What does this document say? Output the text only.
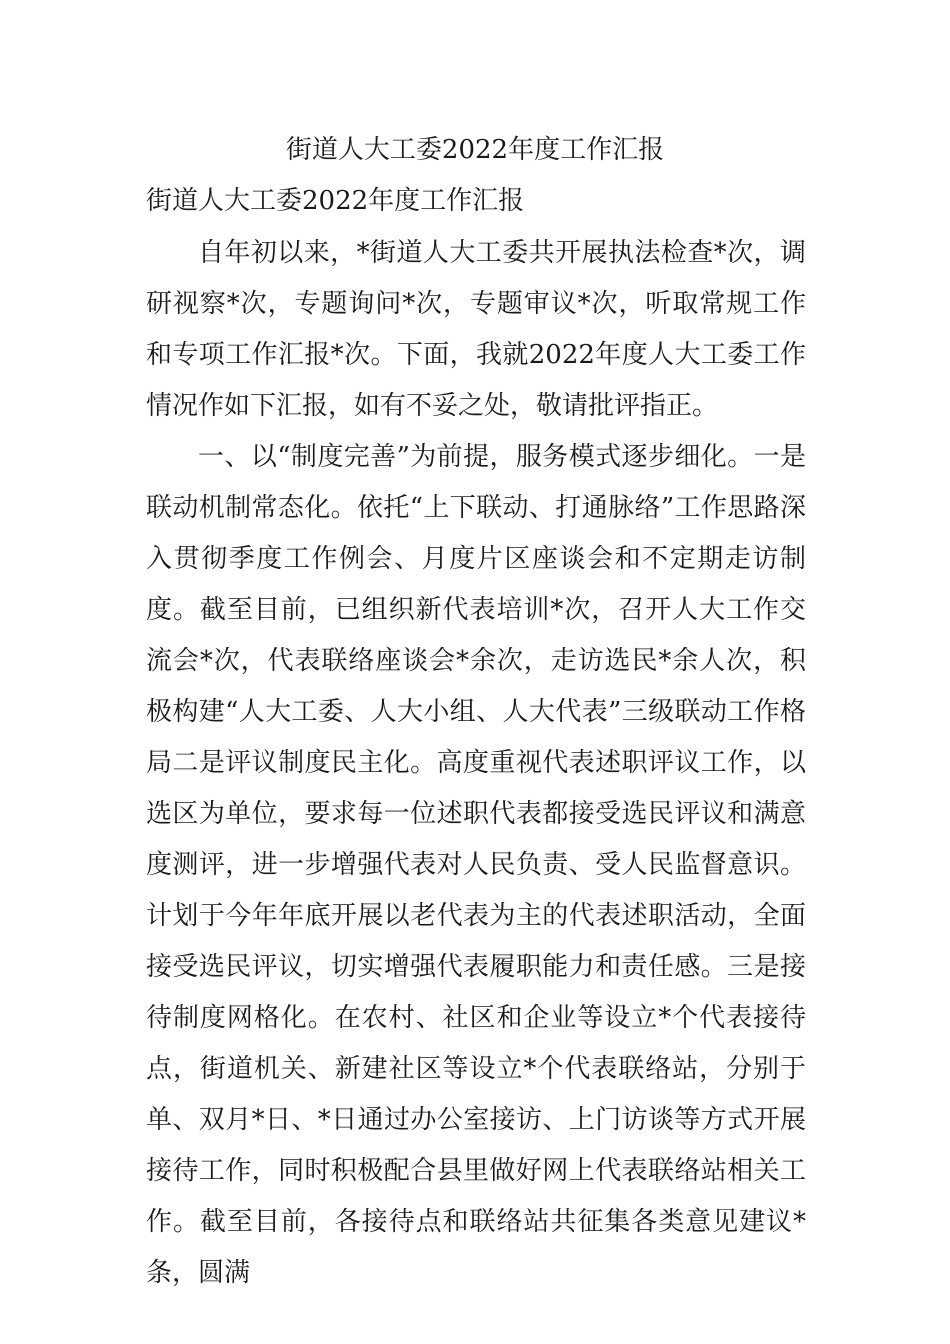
街道人大工委2022年度工作汇报
街道人大工委2022年度工作汇报

自年初以来，*街道人大工委共开展执法检查*次，调研视察*次，专题询问*次，专题审议*次，听取常规工作和专项工作汇报*次。下面，我就2022年度人大工委工作情况作如下汇报，如有不妥之处，敬请批评指正。

一、以“制度完善”为前提，服务模式逐步细化。一是联动机制常态化。依托“上下联动、打通脉络”工作思路深入贯彻季度工作例会、月度片区座谈会和不定期走访制度。截至目前，已组织新代表培训*次，召开人大工作交流会*次，代表联络座谈会*余次，走访选民*余人次，积极构建“人大工委、人大小组、人大代表”三级联动工作格局二是评议制度民主化。高度重视代表述职评议工作，以选区为单位，要求每一位述职代表都接受选民评议和满意度测评，进一步增强代表对人民负责、受人民监督意识。计划于今年年底开展以老代表为主的代表述职活动，全面接受选民评议，切实增强代表履职能力和责任感。三是接待制度网格化。在农村、社区和企业等设立*个代表接待点，街道机关、新建社区等设立*个代表联络站，分别于单、双月*日、*日通过办公室接访、上门访谈等方式开展接待工作，同时积极配合县里做好网上代表联络站相关工作。截至目前，各接待点和联络站共征集各类意见建议*条，圆满
